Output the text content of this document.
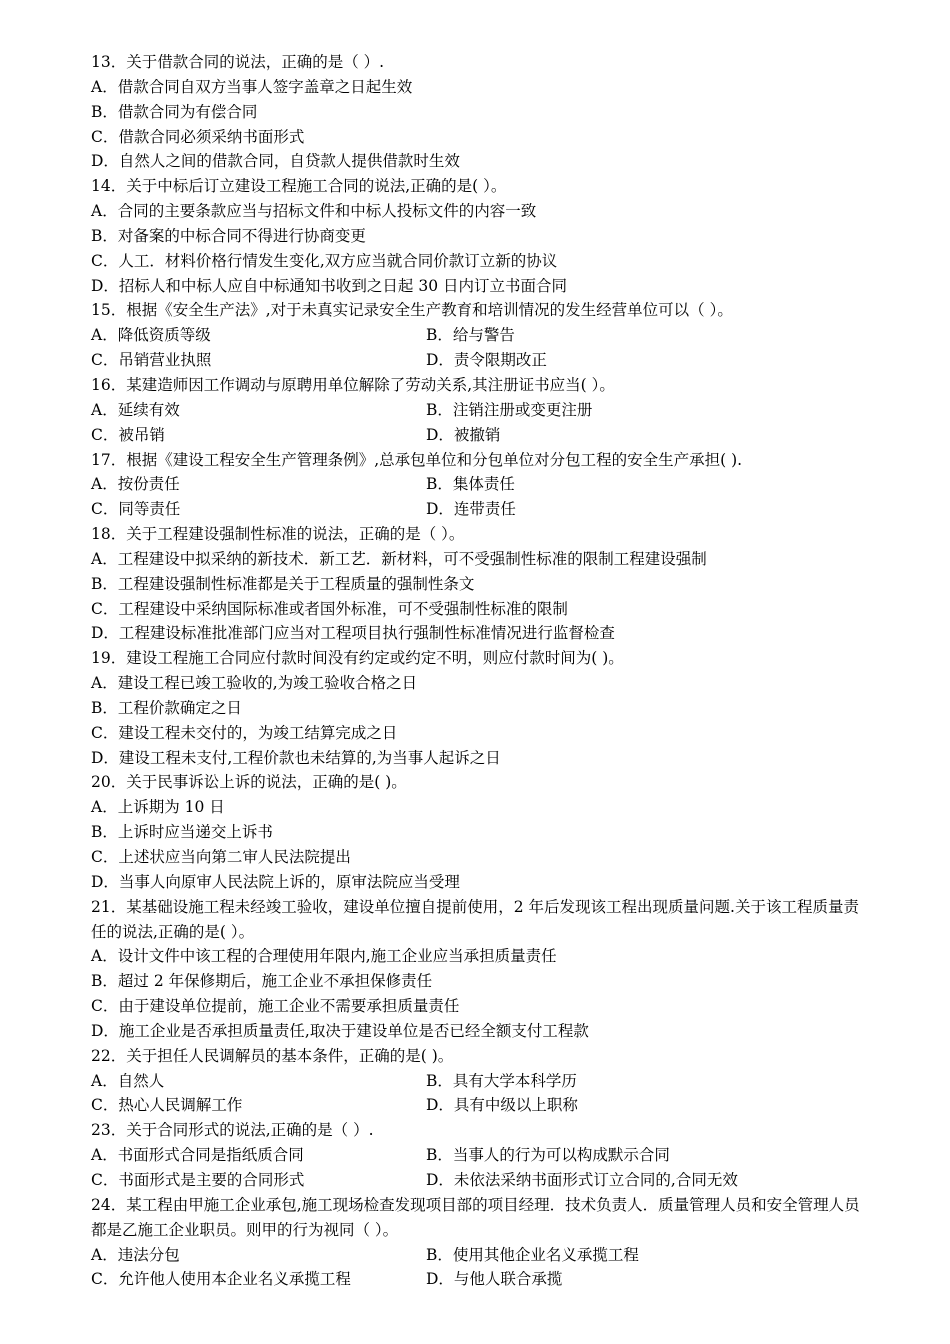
13．关于借款合同的说法，正确的是（ ）.
A．借款合同自双方当事人签字盖章之日起生效
B．借款合同为有偿合同
C．借款合同必须采纳书面形式
D．自然人之间的借款合同，自贷款人提供借款时生效
14．关于中标后订立建设工程施工合同的说法,正确的是( ）。
A．合同的主要条款应当与招标文件和中标人投标文件的内容一致
B．对备案的中标合同不得进行协商变更
C．人工．材料价格行情发生变化,双方应当就合同价款订立新的协议
D．招标人和中标人应自中标通知书收到之日起 30 日内订立书面合同
15．根据《安全生产法》,对于未真实记录安全生产教育和培训情况的发生经营单位可以（ ）。
A．降低资质等级	B．给与警告
C．吊销营业执照	D．责令限期改正
16．某建造师因工作调动与原聘用单位解除了劳动关系,其注册证书应当( ）。
A．延续有效	B．注销注册或变更注册
C．被吊销	D．被撤销
17．根据《建设工程安全生产管理条例》,总承包单位和分包单位对分包工程的安全生产承担( ).
A．按份责任	B．集体责任
C．同等责任	D．连带责任
18．关于工程建设强制性标准的说法，正确的是（ ）。
A．工程建设中拟采纳的新技术．新工艺．新材料，可不受强制性标准的限制工程建设强制
B．工程建设强制性标准都是关于工程质量的强制性条文
C．工程建设中采纳国际标准或者国外标准，可不受强制性标准的限制
D．工程建设标准批准部门应当对工程项目执行强制性标准情况进行监督检查
19．建设工程施工合同应付款时间没有约定或约定不明，则应付款时间为( )。
A．建设工程已竣工验收的,为竣工验收合格之日
B．工程价款确定之日
C．建设工程未交付的，为竣工结算完成之日
D．建设工程未支付,工程价款也未结算的,为当事人起诉之日
20．关于民事诉讼上诉的说法，正确的是( )。
A．上诉期为 10 日
B．上诉时应当递交上诉书
C．上述状应当向第二审人民法院提出
D．当事人向原审人民法院上诉的，原审法院应当受理
21．某基础设施工程未经竣工验收，建设单位擅自提前使用，2 年后发现该工程出现质量问题.关于该工程质量责任的说法,正确的是( ）。
A．设计文件中该工程的合理使用年限内,施工企业应当承担质量责任
B．超过 2 年保修期后，施工企业不承担保修责任
C．由于建设单位提前，施工企业不需要承担质量责任
D．施工企业是否承担质量责任,取决于建设单位是否已经全额支付工程款
22．关于担任人民调解员的基本条件，正确的是( )。
A．自然人	B．具有大学本科学历
C．热心人民调解工作	D．具有中级以上职称
23．关于合同形式的说法,正确的是（ ）.
A．书面形式合同是指纸质合同	B．当事人的行为可以构成默示合同
C．书面形式是主要的合同形式	D．未依法采纳书面形式订立合同的,合同无效
24．某工程由甲施工企业承包,施工现场检查发现项目部的项目经理．技术负责人．质量管理人员和安全管理人员都是乙施工企业职员。则甲的行为视同（ ）。
A．违法分包	B．使用其他企业名义承揽工程
C．允许他人使用本企业名义承揽工程	D．与他人联合承揽
